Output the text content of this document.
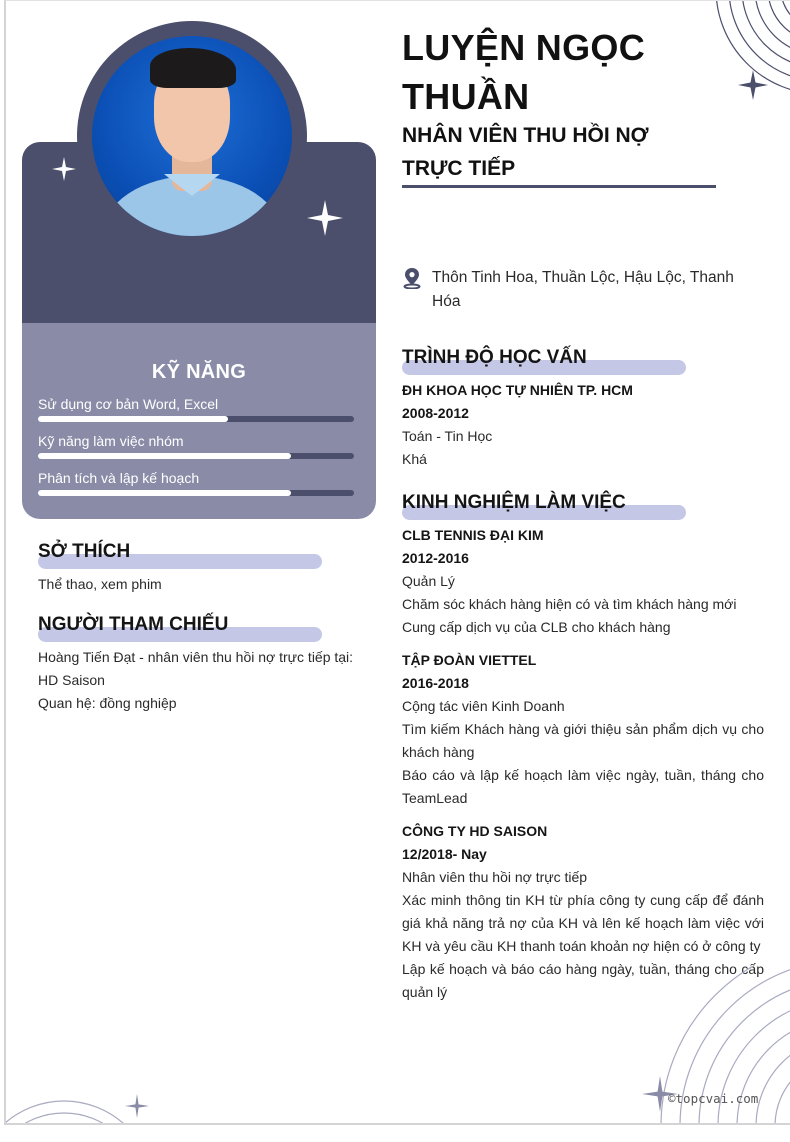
KỸ NĂNG
Sử dụng cơ bản Word, Excel
Kỹ năng làm việc nhóm
Phân tích và lập kế hoạch
SỞ THÍCH
Thể thao, xem phim
NGƯỜI THAM CHIẾU
Hoàng Tiến Đạt - nhân viên thu hồi nợ trực tiếp tại:
HD Saison
Quan hệ: đồng nghiệp
LUYỆN NGỌC
THUẦN
NHÂN VIÊN THU HỒI NỢ
TRỰC TIẾP
Thôn Tinh Hoa, Thuần Lộc, Hậu Lộc, Thanh
Hóa
TRÌNH ĐỘ HỌC VẤN
ĐH KHOA HỌC TỰ NHIÊN TP. HCM
2008-2012
Toán - Tin Học
Khá
KINH NGHIỆM LÀM VIỆC
CLB TENNIS ĐẠI KIM
2012-2016
Quản Lý
Chăm sóc khách hàng hiện có và tìm khách hàng mới
Cung cấp dịch vụ của CLB cho khách hàng
TẬP ĐOÀN VIETTEL
2016-2018
Cộng tác viên Kinh Doanh
Tìm kiếm Khách hàng và giới thiệu sản phẩm dịch vụ cho khách hàng
Báo cáo và lập kế hoạch làm việc ngày, tuần, tháng cho TeamLead
CÔNG TY HD SAISON
12/2018- Nay
Nhân viên thu hồi nợ trực tiếp
Xác minh thông tin KH từ phía công ty cung cấp để đánh giá khả năng trả nợ của KH và lên kế hoạch làm việc với KH và yêu cầu KH thanh toán khoản nợ hiện có ở công ty
Lập kế hoạch và báo cáo hàng ngày, tuần, tháng cho cấp quản lý
©topcvai.com
